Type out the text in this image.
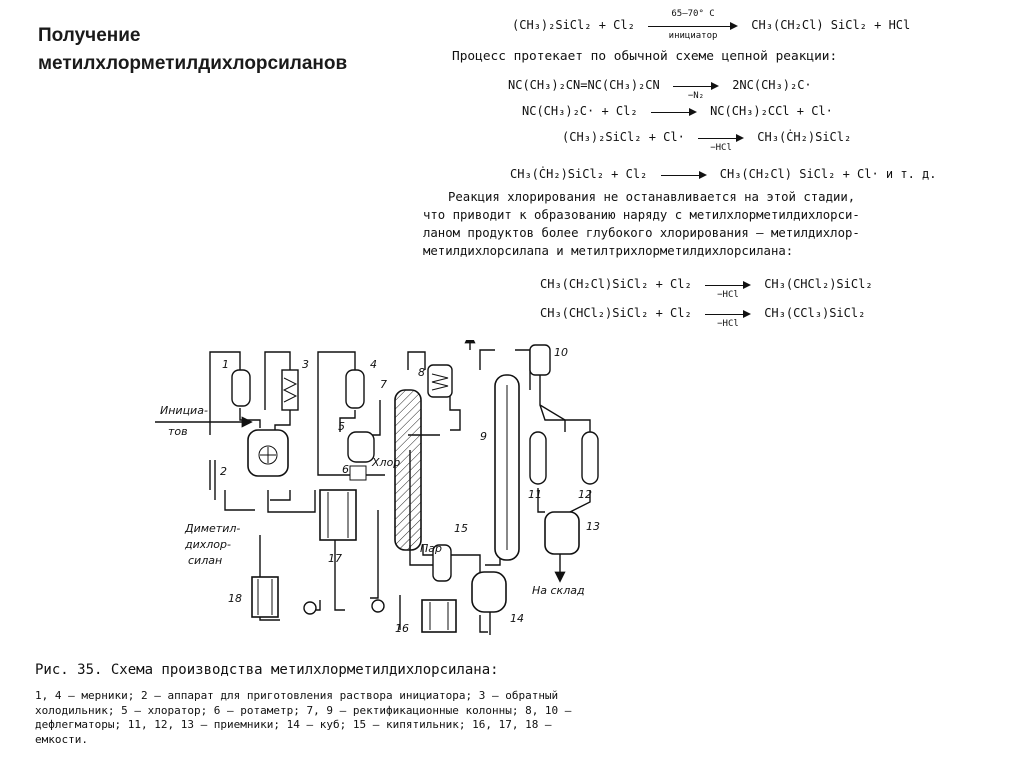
Получение метилхлорметилдихлорсиланов
(CH₃)₂SiCl₂ + Cl₂
65–70° C
инициатор
CH₃(CH₂Cl) SiCl₂ + HCl
Процесс протекает по обычной схеме цепной реакции:
NC(CH₃)₂CN=NC(CH₃)₂CN
−N₂
2NC(CH₃)₂C·
NC(CH₃)₂C· + Cl₂	NC(CH₃)₂CCl + Cl·
(CH₃)₂SiCl₂ + Cl·
−HCl
CH₃(ĊH₂)SiCl₂
CH₃(ĊH₂)SiCl₂ + Cl₂	CH₃(CH₂Cl) SiCl₂ + Cl· и т. д.
Реакция хлорирования не останавливается на этой стадии,
что приводит к образованию наряду с метилхлорметилдихлорси-
ланом продуктов более глубокого хлорирования — метилдихлор-
метилдихлорсилапа и метилтрихлорметилдихлорсилана:
CH₃(CH₂Cl)SiCl₂ + Cl₂
−HCl
CH₃(CHCl₂)SiCl₂
CH₃(CHCl₂)SiCl₂ + Cl₂
−HCl
CH₃(CCl₃)SiCl₂
1
2
3	4
5
6
7
8
9
10
11	12
13
14
15
16
17
18
Инициа-
тов
Хлор
Пар
Диметил-
дихлор-
силан
На склад
Рис. 35. Схема производства метилхлорметилдихлорсилана:
1, 4 — мерники; 2 — аппарат для приготовления раствора инициатора; 3 — обратный
холодильник; 5 — хлоратор; 6 — ротаметр; 7, 9 — ректификационные колонны; 8, 10 —
дефлегматоры; 11, 12, 13 — приемники; 14 — куб; 15 — кипятильник; 16, 17, 18 —
емкости.
